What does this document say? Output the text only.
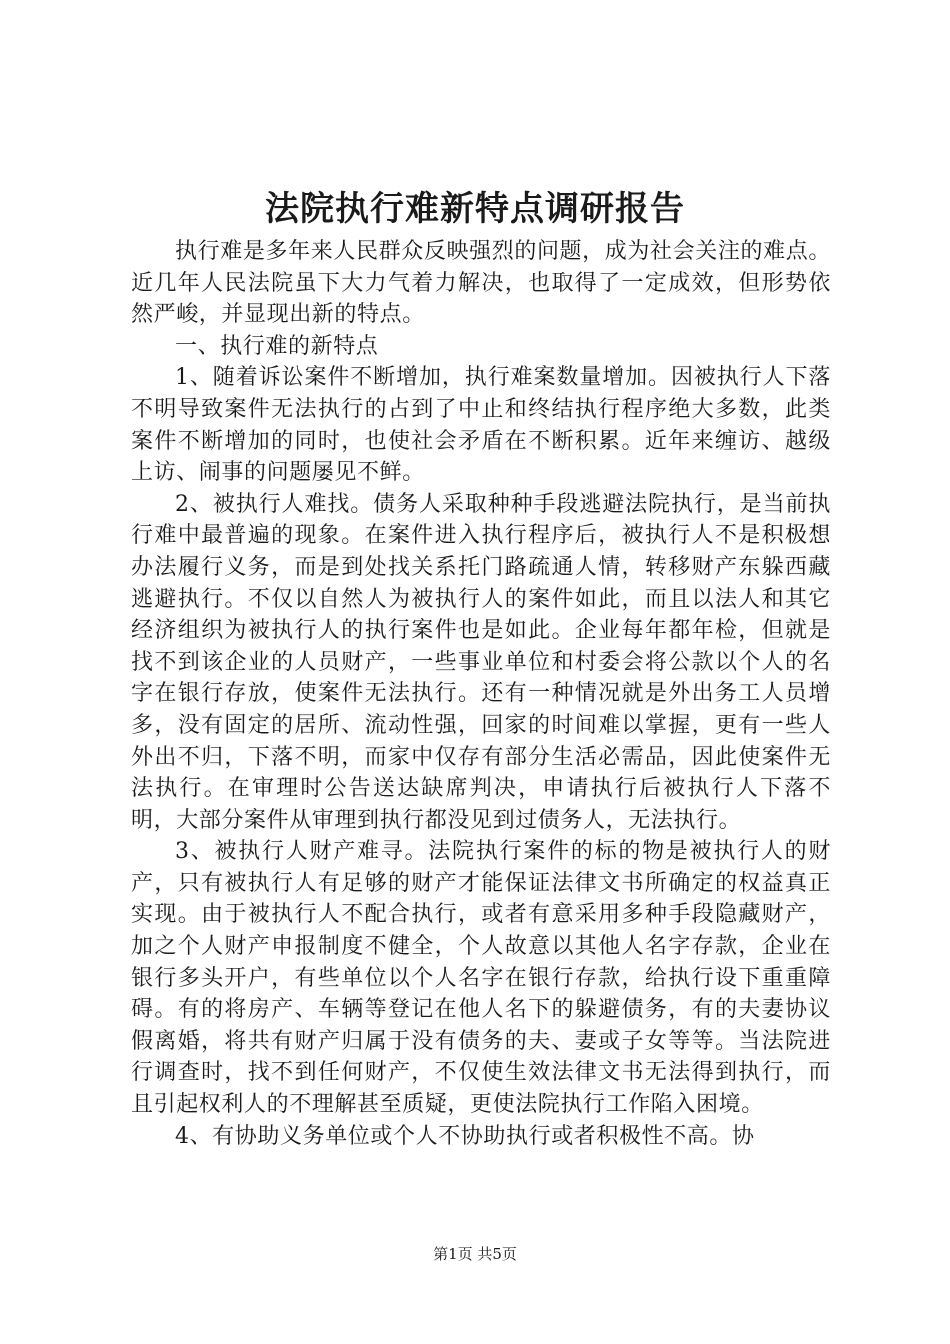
法院执行难新特点调研报告

执行难是多年来人民群众反映强烈的问题，成为社会关注的难点。近几年人民法院虽下大力气着力解决，也取得了一定成效，但形势依然严峻，并显现出新的特点。

一、执行难的新特点

1、随着诉讼案件不断增加，执行难案数量增加。因被执行人下落不明导致案件无法执行的占到了中止和终结执行程序绝大多数，此类案件不断增加的同时，也使社会矛盾在不断积累。近年来缠访、越级上访、闹事的问题屡见不鲜。

2、被执行人难找。债务人采取种种手段逃避法院执行，是当前执行难中最普遍的现象。在案件进入执行程序后，被执行人不是积极想办法履行义务，而是到处找关系托门路疏通人情，转移财产东躲西藏逃避执行。不仅以自然人为被执行人的案件如此，而且以法人和其它经济组织为被执行人的执行案件也是如此。企业每年都年检，但就是找不到该企业的人员财产，一些事业单位和村委会将公款以个人的名字在银行存放，使案件无法执行。还有一种情况就是外出务工人员增多，没有固定的居所、流动性强，回家的时间难以掌握，更有一些人外出不归，下落不明，而家中仅存有部分生活必需品，因此使案件无法执行。在审理时公告送达缺席判决，申请执行后被执行人下落不明，大部分案件从审理到执行都没见到过债务人，无法执行。

3、被执行人财产难寻。法院执行案件的标的物是被执行人的财产，只有被执行人有足够的财产才能保证法律文书所确定的权益真正实现。由于被执行人不配合执行，或者有意采用多种手段隐藏财产，加之个人财产申报制度不健全，个人故意以其他人名字存款，企业在银行多头开户，有些单位以个人名字在银行存款，给执行设下重重障碍。有的将房产、车辆等登记在他人名下的躲避债务，有的夫妻协议假离婚，将共有财产归属于没有债务的夫、妻或子女等等。当法院进行调查时，找不到任何财产，不仅使生效法律文书无法得到执行，而且引起权利人的不理解甚至质疑，更使法院执行工作陷入困境。

4、有协助义务单位或个人不协助执行或者积极性不高。协

第1页 共5页
